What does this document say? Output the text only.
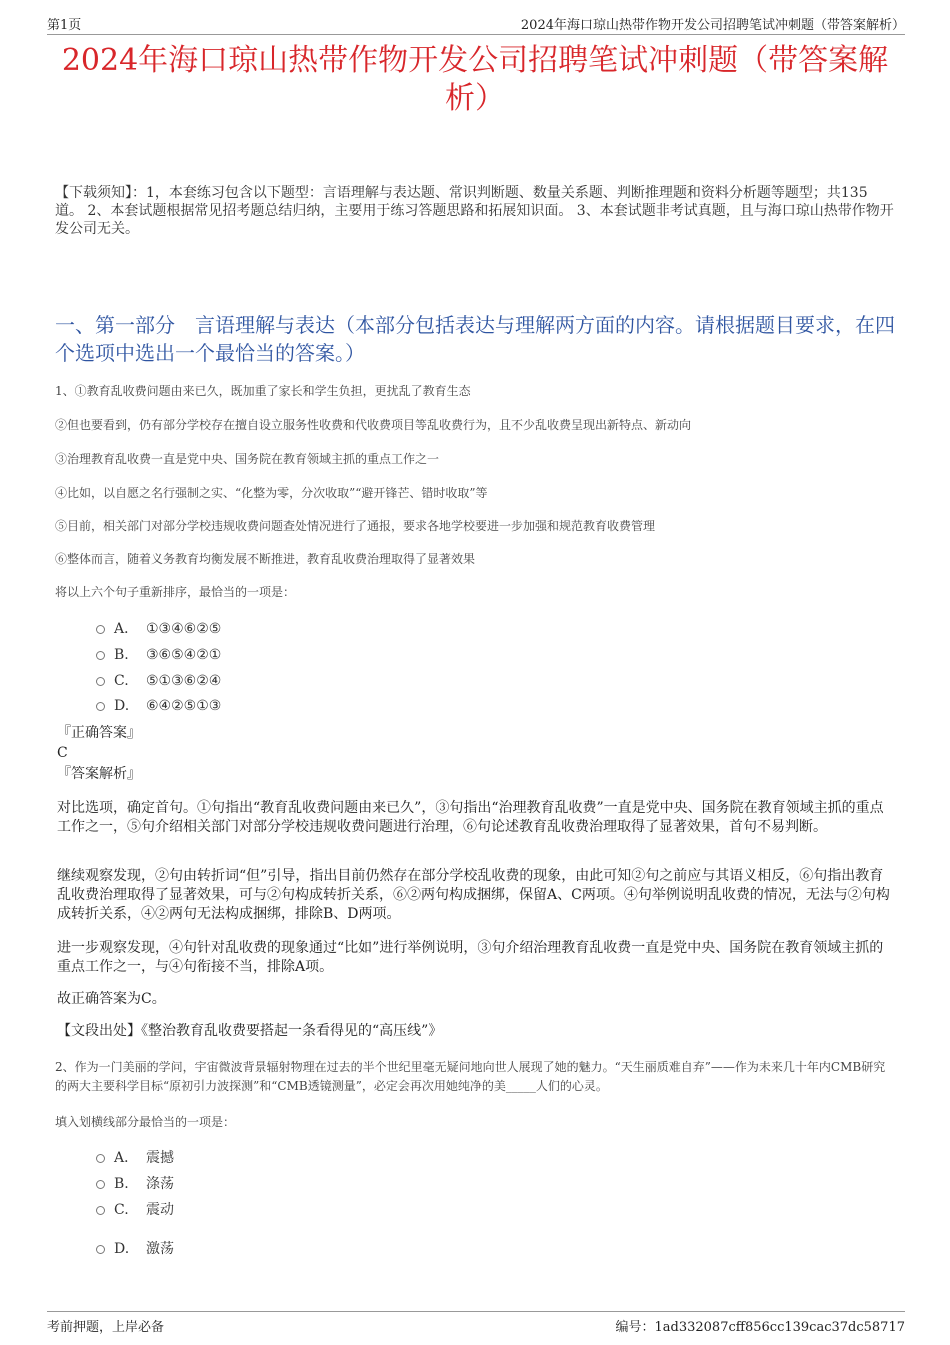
第1页	2024年海口琼山热带作物开发公司招聘笔试冲刺题（带答案解析）
2024年海口琼山热带作物开发公司招聘笔试冲刺题（带答案解析）
【下载须知】：1，本套练习包含以下题型：言语理解与表达题、常识判断题、数量关系题、判断推理题和资料分析题等题型；共135道。 2、本套试题根据常见招考题总结归纳，主要用于练习答题思路和拓展知识面。 3、本套试题非考试真题，且与海口琼山热带作物开发公司无关。
一、第一部分　言语理解与表达（本部分包括表达与理解两方面的内容。请根据题目要求，在四个选项中选出一个最恰当的答案。）
1、①教育乱收费问题由来已久，既加重了家长和学生负担，更扰乱了教育生态
②但也要看到，仍有部分学校存在擅自设立服务性收费和代收费项目等乱收费行为，且不少乱收费呈现出新特点、新动向
③治理教育乱收费一直是党中央、国务院在教育领域主抓的重点工作之一
④比如，以自愿之名行强制之实、“化整为零，分次收取”“避开锋芒、错时收取”等
⑤目前，相关部门对部分学校违规收费问题查处情况进行了通报，要求各地学校要进一步加强和规范教育收费管理
⑥整体而言，随着义务教育均衡发展不断推进，教育乱收费治理取得了显著效果
将以上六个句子重新排序，最恰当的一项是：
A． ①③④⑥②⑤
B. ③⑥⑤④②①
C. ⑤①③⑥②④
D. ⑥④②⑤①③
『正确答案』
C
『答案解析』
对比选项，确定首句。①句指出“教育乱收费问题由来已久”，③句指出“治理教育乱收费”一直是党中央、国务院在教育领域主抓的重点工作之一，⑤句介绍相关部门对部分学校违规收费问题进行治理，⑥句论述教育乱收费治理取得了显著效果，首句不易判断。
继续观察发现，②句由转折词“但”引导，指出目前仍然存在部分学校乱收费的现象，由此可知②句之前应与其语义相反，⑥句指出教育乱收费治理取得了显著效果，可与②句构成转折关系，⑥②两句构成捆绑，保留A、C两项。④句举例说明乱收费的情况，无法与②句构成转折关系，④②两句无法构成捆绑，排除B、D两项。
进一步观察发现，④句针对乱收费的现象通过“比如”进行举例说明，③句介绍治理教育乱收费一直是党中央、国务院在教育领域主抓的重点工作之一，与④句衔接不当，排除A项。
故正确答案为C。
【文段出处】《整治教育乱收费要搭起一条看得见的“高压线”》
2、作为一门美丽的学问，宇宙微波背景辐射物理在过去的半个世纪里毫无疑问地向世人展现了她的魅力。“天生丽质难自弃”——作为未来几十年内CMB研究的两大主要科学目标“原初引力波探测”和“CMB透镜测量”，必定会再次用她纯净的美_____人们的心灵。
填入划横线部分最恰当的一项是：
A． 震撼
B. 涤荡
C. 震动
D. 激荡
考前押题，上岸必备	编号：1ad332087cff856cc139cac37dc58717
